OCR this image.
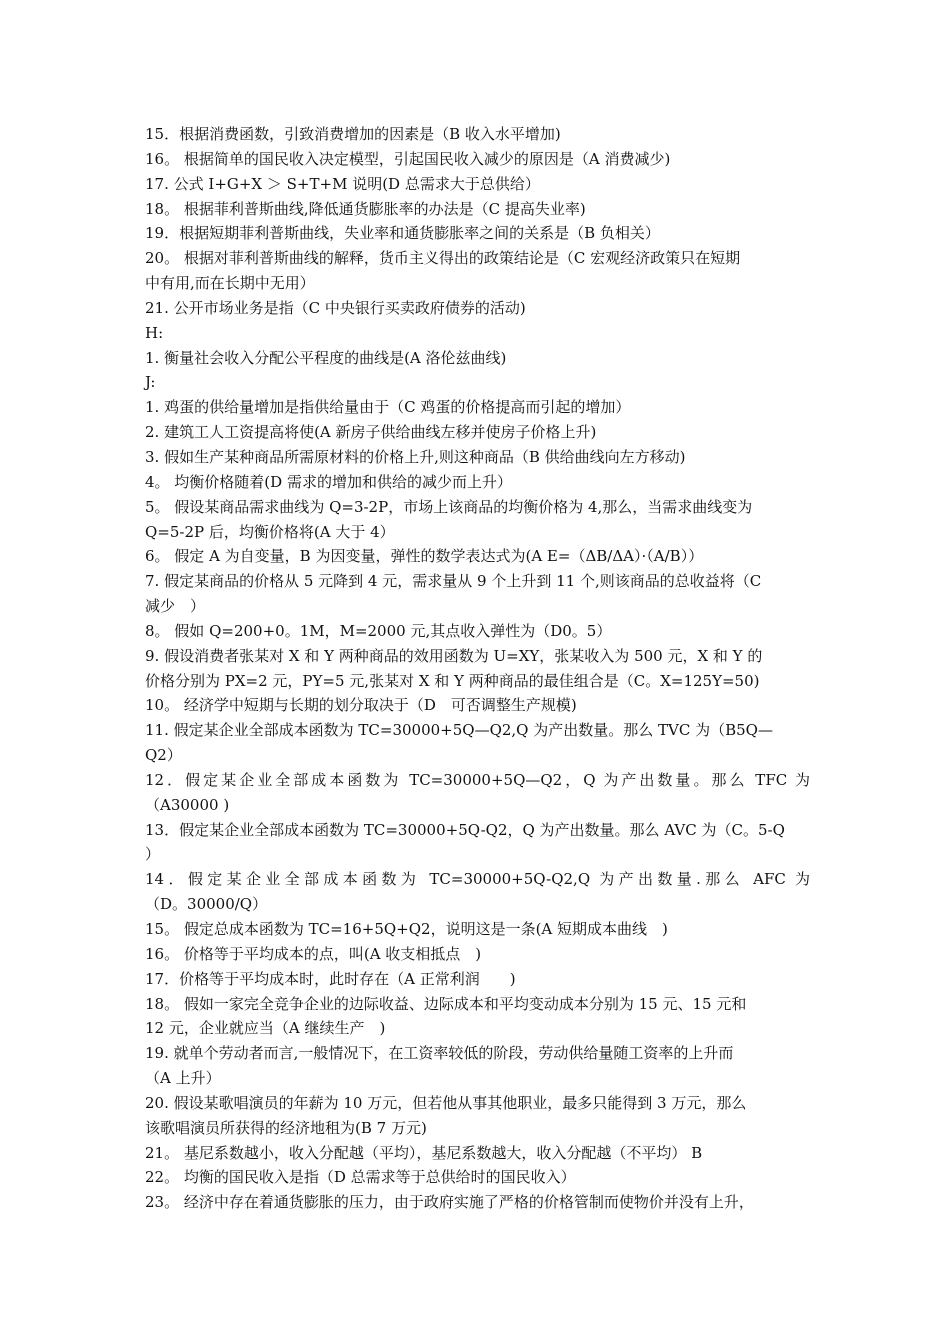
15．根据消费函数，引致消费增加的因素是（B 收入水平增加)
16。 根据简单的国民收入决定模型，引起国民收入减少的原因是（A 消费减少)
17. 公式 I+G+X ＞ S+T+M 说明(D 总需求大于总供给）
18。 根据菲利普斯曲线,降低通货膨胀率的办法是（C 提高失业率)
19．根据短期菲利普斯曲线，失业率和通货膨胀率之间的关系是（B 负相关）
20。 根据对菲利普斯曲线的解释，货币主义得出的政策结论是（C 宏观经济政策只在短期
中有用,而在长期中无用）
21. 公开市场业务是指（C 中央银行买卖政府债券的活动)
H:
1. 衡量社会收入分配公平程度的曲线是(A 洛伦兹曲线)
J:
1. 鸡蛋的供给量增加是指供给量由于（C 鸡蛋的价格提高而引起的增加）
2. 建筑工人工资提高将使(A 新房子供给曲线左移并使房子价格上升)
3. 假如生产某种商品所需原材料的价格上升,则这种商品（B 供给曲线向左方移动)
4。 均衡价格随着(D 需求的增加和供给的减少而上升）
5。 假设某商品需求曲线为 Q=3-2P，市场上该商品的均衡价格为 4,那么，当需求曲线变为
Q=5-2P 后，均衡价格将(A 大于 4）
6。 假定 A 为自变量，B 为因变量，弹性的数学表达式为(A E=（ΔB/ΔA）·（A/B））
7. 假定某商品的价格从 5 元降到 4 元，需求量从 9 个上升到 11 个,则该商品的总收益将（C
减少　）
8。 假如 Q=200+0。1M，M=2000 元,其点收入弹性为（D0。5）
9. 假设消费者张某对 X 和 Y 两种商品的效用函数为 U=XY，张某收入为 500 元，X 和 Y 的
价格分别为 PX=2 元，PY=5 元,张某对 X 和 Y 两种商品的最佳组合是（C。X=125Y=50)
10。 经济学中短期与长期的划分取决于（D　可否调整生产规模)
11. 假定某企业全部成本函数为 TC=30000+5Q—Q2,Q 为产出数量。那么 TVC 为（B5Q—
Q2）
12．假定某企业全部成本函数为 TC=30000+5Q—Q2，Q 为产出数量。那么 TFC 为
（A30000 )
13．假定某企业全部成本函数为 TC=30000+5Q-Q2，Q 为产出数量。那么 AVC 为（C。5-Q
）
14．假定某企业全部成本函数为 TC=30000+5Q-Q2,Q 为产出数量.那么 AFC 为
（D。30000/Q）
15。 假定总成本函数为 TC=16+5Q+Q2，说明这是一条(A 短期成本曲线　)
16。 价格等于平均成本的点，叫(A 收支相抵点　)
17．价格等于平均成本时，此时存在（A 正常利润　　)
18。 假如一家完全竞争企业的边际收益、边际成本和平均变动成本分别为 15 元、15 元和
12 元，企业就应当（A 继续生产　)
19. 就单个劳动者而言,一般情况下，在工资率较低的阶段，劳动供给量随工资率的上升而
（A 上升）
20. 假设某歌唱演员的年薪为 10 万元，但若他从事其他职业，最多只能得到 3 万元，那么
该歌唱演员所获得的经济地租为(B 7 万元)
21。 基尼系数越小，收入分配越（平均），基尼系数越大，收入分配越（不平均） B
22。 均衡的国民收入是指（D 总需求等于总供给时的国民收入）
23。 经济中存在着通货膨胀的压力，由于政府实施了严格的价格管制而使物价并没有上升，
